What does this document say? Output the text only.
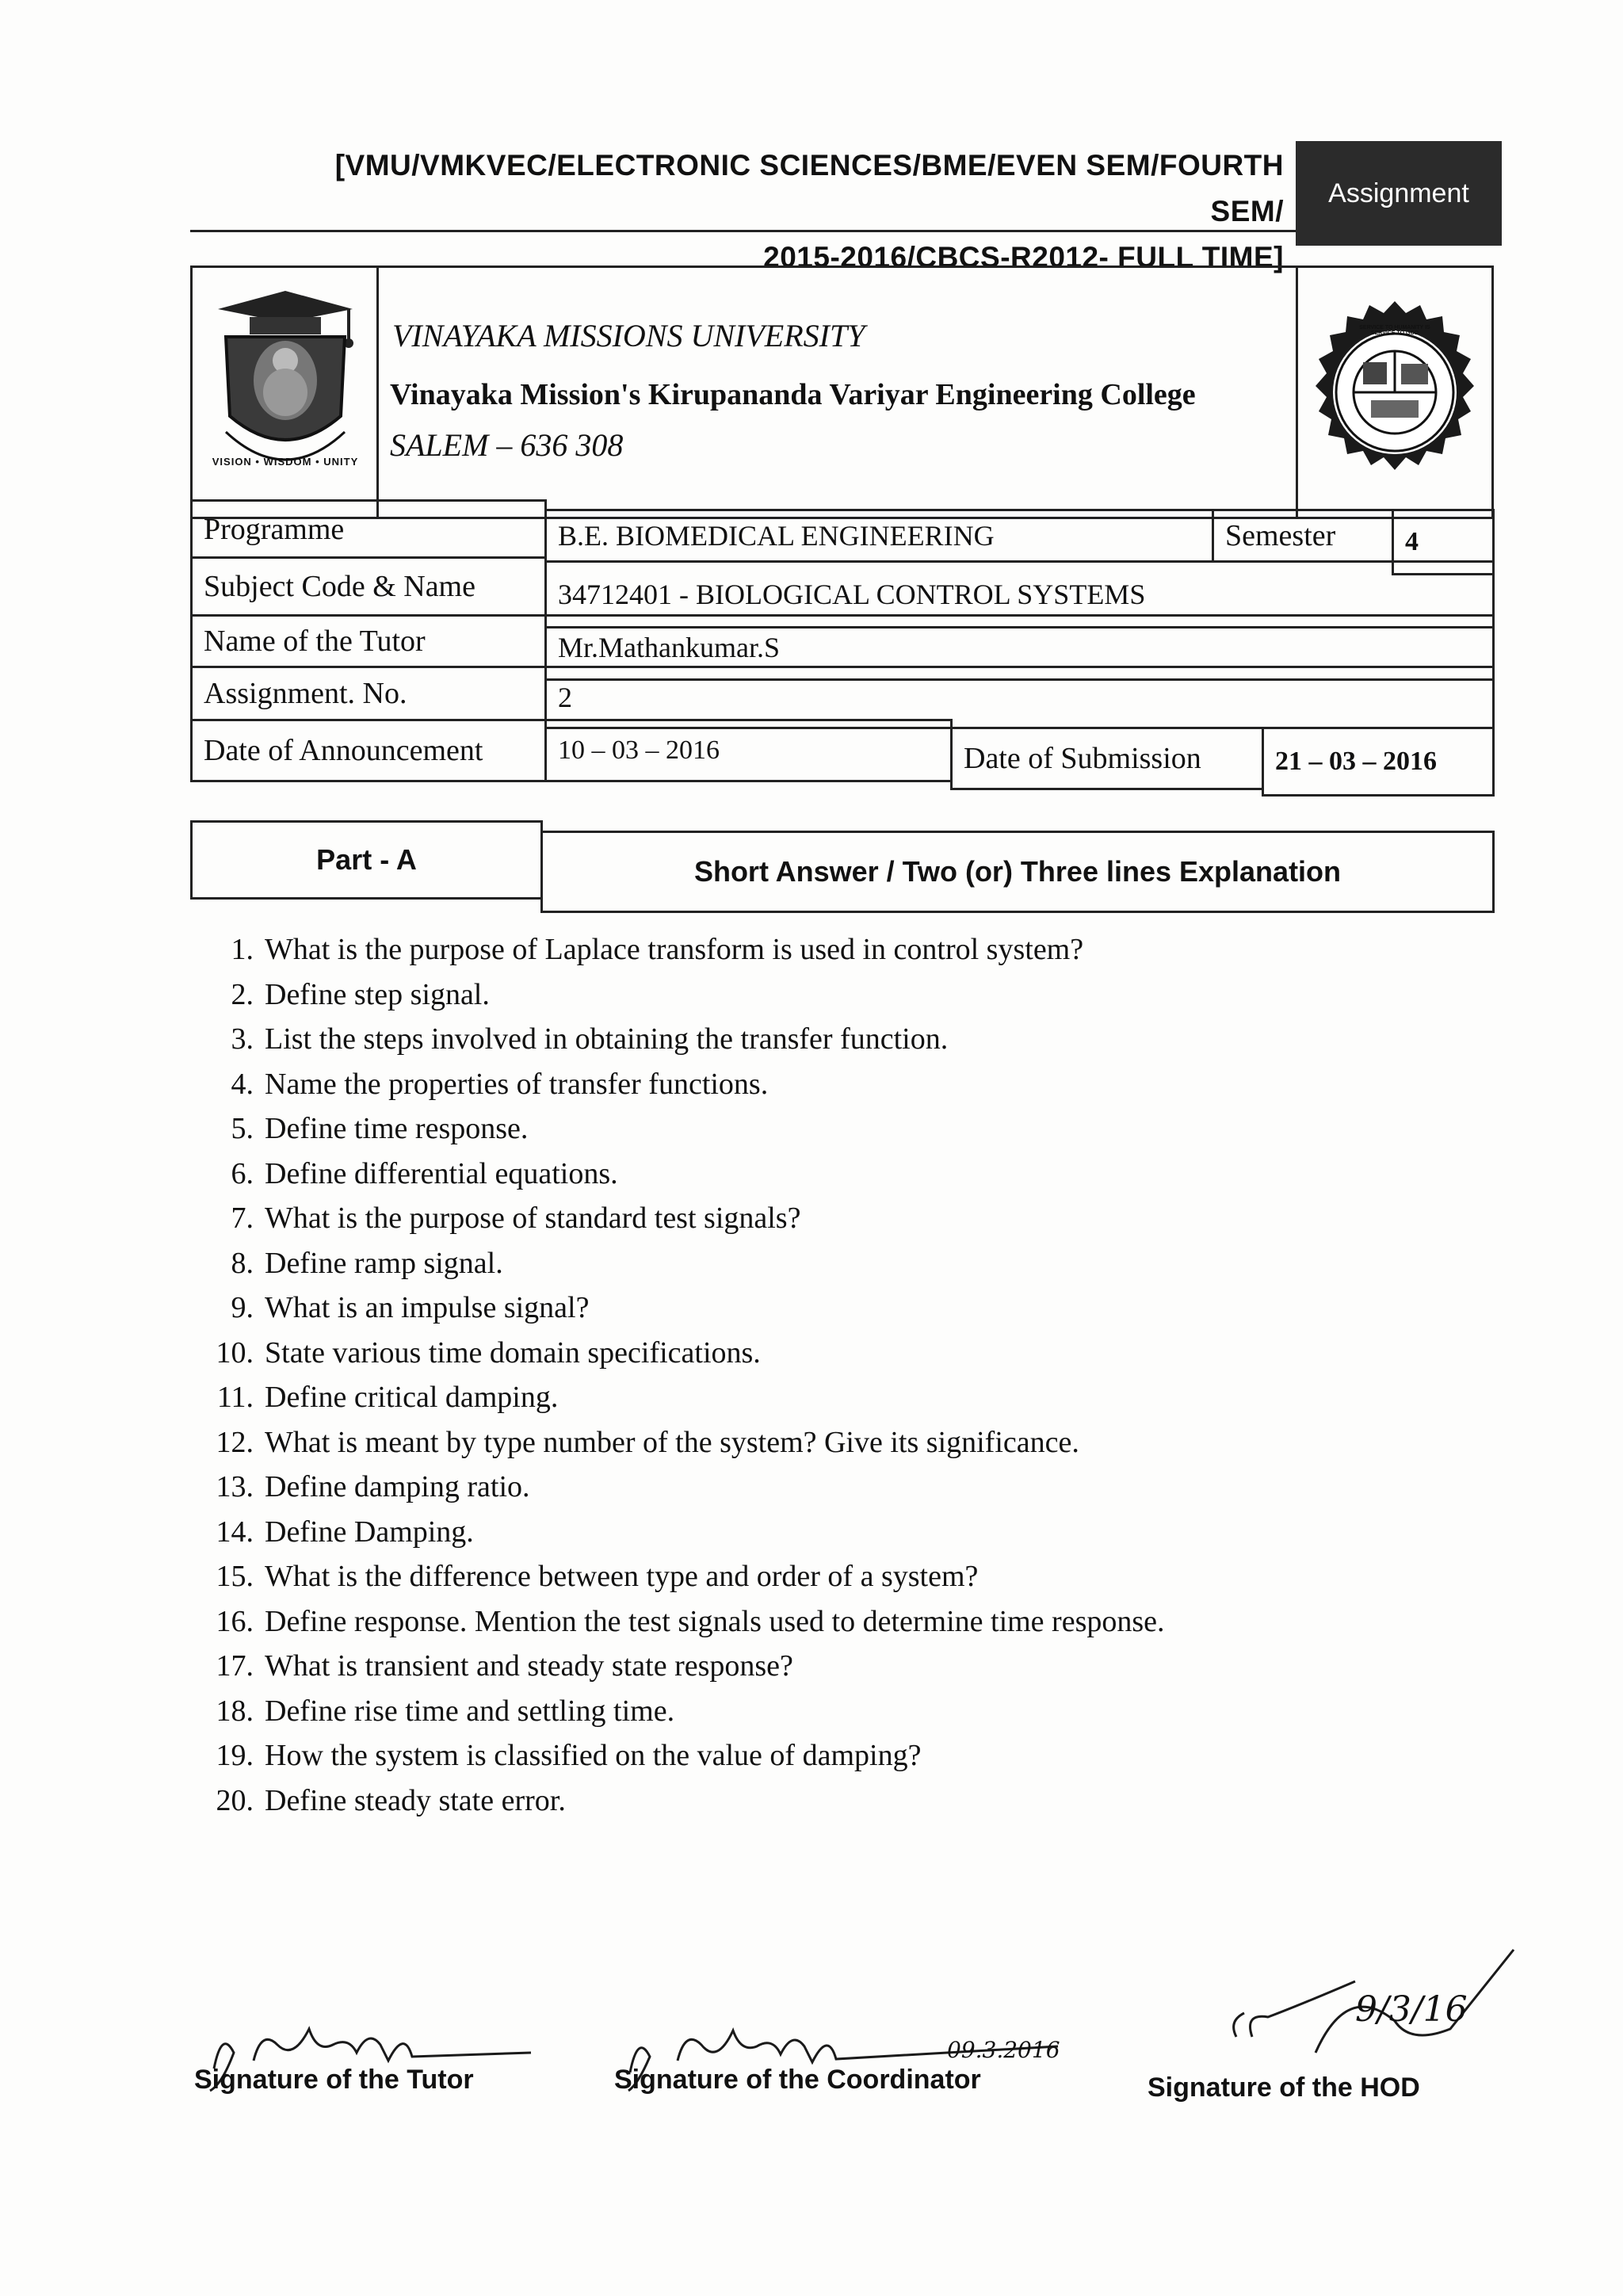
[VMU/VMKVEC/ELECTRONIC SCIENCES/BME/EVEN SEM/FOURTH SEM/
2015-2016/CBCS-R2012- FULL TIME]
Assignment
VISION • WISDOM • UNITY
VINAYAKA MISSIONS UNIVERSITY
Vinayaka Mission's Kirupananda Variyar Engineering College
SALEM – 636 308
SERVICE TO HUMANITY IS SERVICE TO GOD
Programme	B.E. BIOMEDICAL ENGINEERING	Semester	4
Subject Code & Name	34712401 - BIOLOGICAL CONTROL SYSTEMS
Name of the Tutor	Mr.Mathankumar.S
Assignment. No.	2
Date of Announcement	10 – 03 – 2016	Date of Submission	21 – 03 – 2016
Part - A	Short Answer / Two (or) Three lines Explanation
1. What is the purpose of Laplace transform is used in control system?
2. Define step signal.
3. List the steps involved in obtaining the transfer function.
4. Name the properties of transfer functions.
5. Define time response.
6. Define differential equations.
7. What is the purpose of standard test signals?
8. Define ramp signal.
9. What is an impulse signal?
10. State various time domain specifications.
11. Define critical damping.
12. What is meant by type number of the system? Give its significance.
13. Define damping ratio.
14. Define Damping.
15. What is the difference between type and order of a system?
16. Define response. Mention the test signals used to determine time response.
17. What is transient and steady state response?
18. Define rise time and settling time.
19. How the system is classified on the value of damping?
20. Define steady state error.
Signature of the Tutor
09.3.2016
Signature of the Coordinator
9/3/16
Signature of the HOD
